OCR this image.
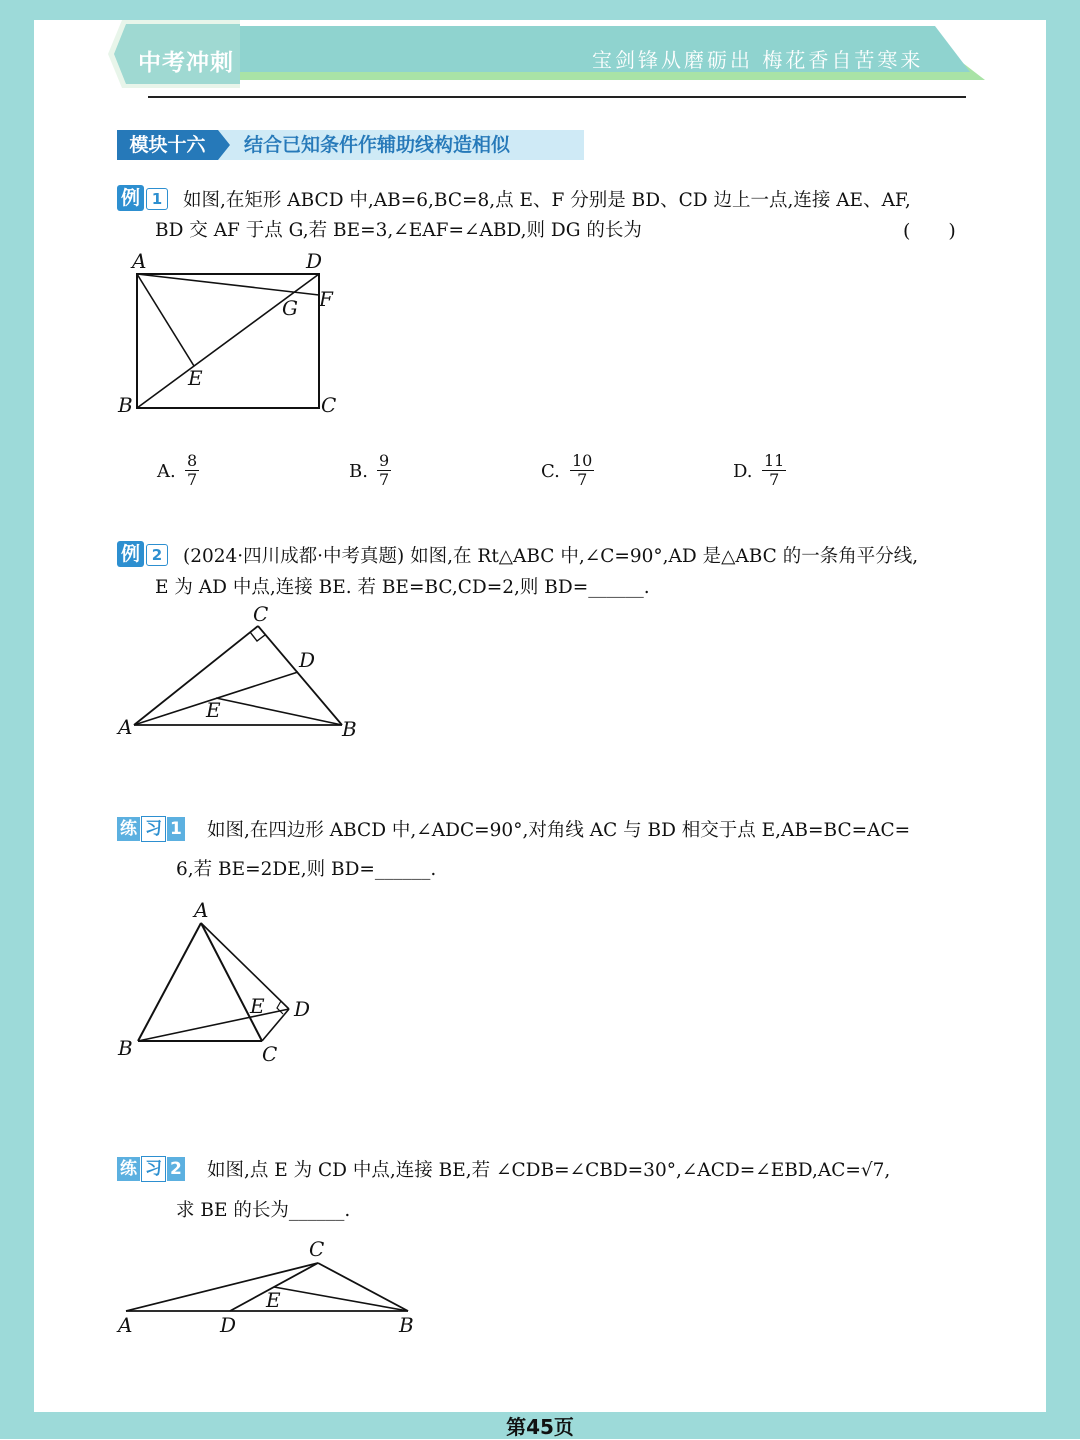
中考冲刺	宝剑锋从磨砺出 梅花香自苦寒来
模块十六	结合已知条件作辅助线构造相似
例 1	如图,在矩形 ABCD 中,AB=6,BC=8,点 E、F 分别是 BD、CD 边上一点,连接 AE、AF,
BD 交 AF 于点 G,若 BE=3,∠EAF=∠ABD,则 DG 的长为	(　　)
A	D
G F
E
B	C
A. $\frac{8}{7}$	B. $\frac{9}{7}$	C. $\frac{10}{7}$	D. $\frac{11}{7}$
例 2	(2024·四川成都·中考真题) 如图,在 Rt△ABC 中,∠C=90°,AD 是△ABC 的一条角平分线,
E 为 AD 中点,连接 BE. 若 BE=BC,CD=2,则 BD=______.
C
D
E
A	B
练 习 1 如图,在四边形 ABCD 中,∠ADC=90°,对角线 AC 与 BD 相交于点 E,AB=BC=AC=
6,若 BE=2DE,则 BD=______.
A
E D
B	C
练 习 2 如图,点 E 为 CD 中点,连接 BE,若 ∠CDB=∠CBD=30°,∠ACD=∠EBD,AC=√7,
求 BE 的长为______.
C
E
A	D	B
第45页
